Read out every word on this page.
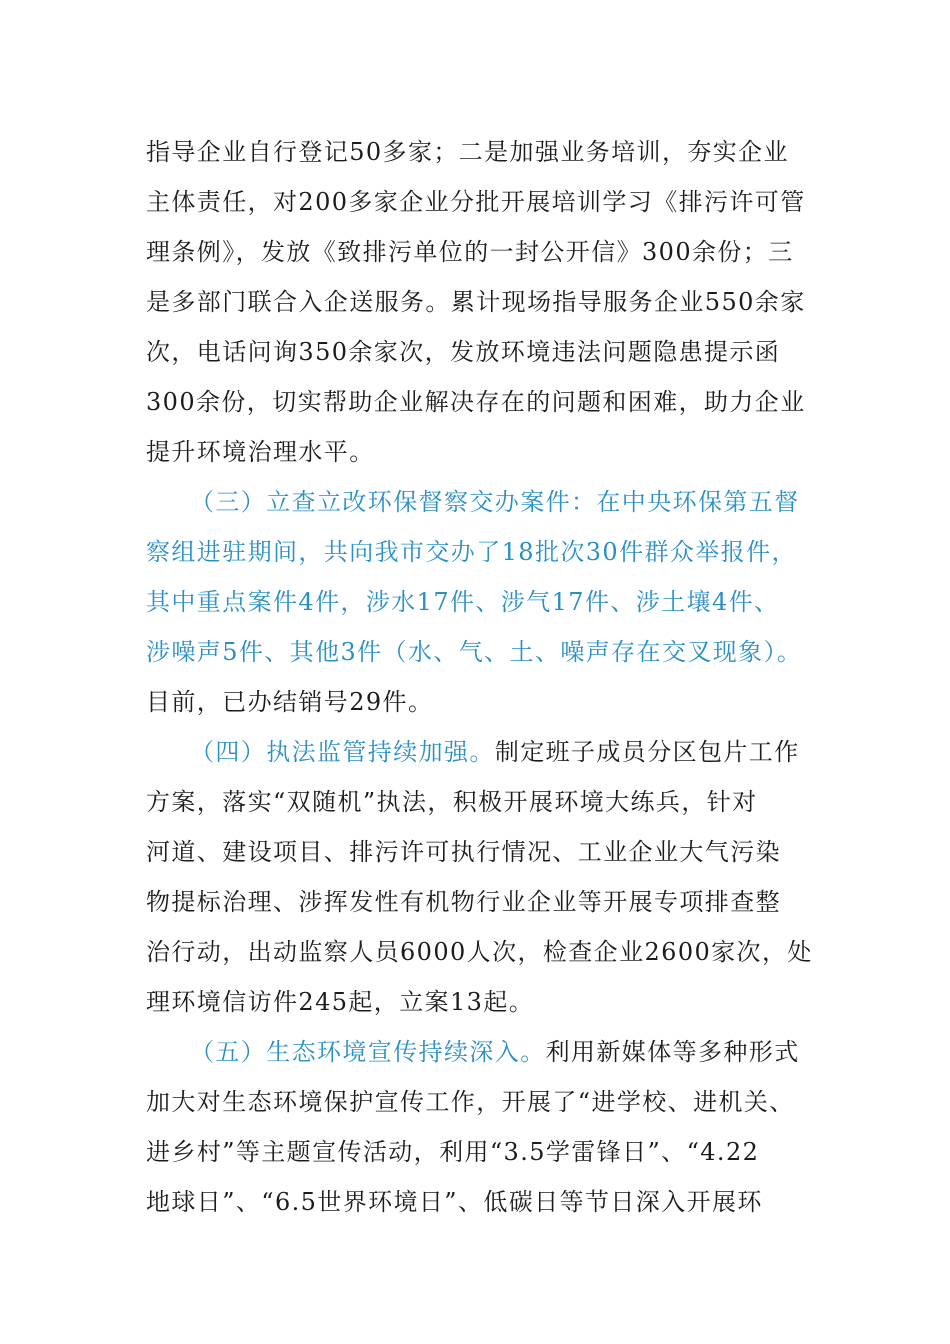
指导企业自行登记50多家；二是加强业务培训，夯实企业
主体责任，对200多家企业分批开展培训学习《排污许可管
理条例》，发放《致排污单位的一封公开信》300余份；三
是多部门联合入企送服务。累计现场指导服务企业550余家
次，电话问询350余家次，发放环境违法问题隐患提示函
300余份，切实帮助企业解决存在的问题和困难，助力企业
提升环境治理水平。
（三）立查立改环保督察交办案件：在中央环保第五督
察组进驻期间，共向我市交办了18批次30件群众举报件，
其中重点案件4件，涉水17件、涉气17件、涉土壤4件、
涉噪声5件、其他3件（水、气、土、噪声存在交叉现象）。
目前，已办结销号29件。
（四）执法监管持续加强。制定班子成员分区包片工作
方案，落实“双随机”执法，积极开展环境大练兵，针对
河道、建设项目、排污许可执行情况、工业企业大气污染
物提标治理、涉挥发性有机物行业企业等开展专项排查整
治行动，出动监察人员6000人次，检查企业2600家次，处
理环境信访件245起，立案13起。
（五）生态环境宣传持续深入。利用新媒体等多种形式
加大对生态环境保护宣传工作，开展了“进学校、进机关、
进乡村”等主题宣传活动，利用“3.5学雷锋日”、“4.22
地球日”、“6.5世界环境日”、低碳日等节日深入开展环
